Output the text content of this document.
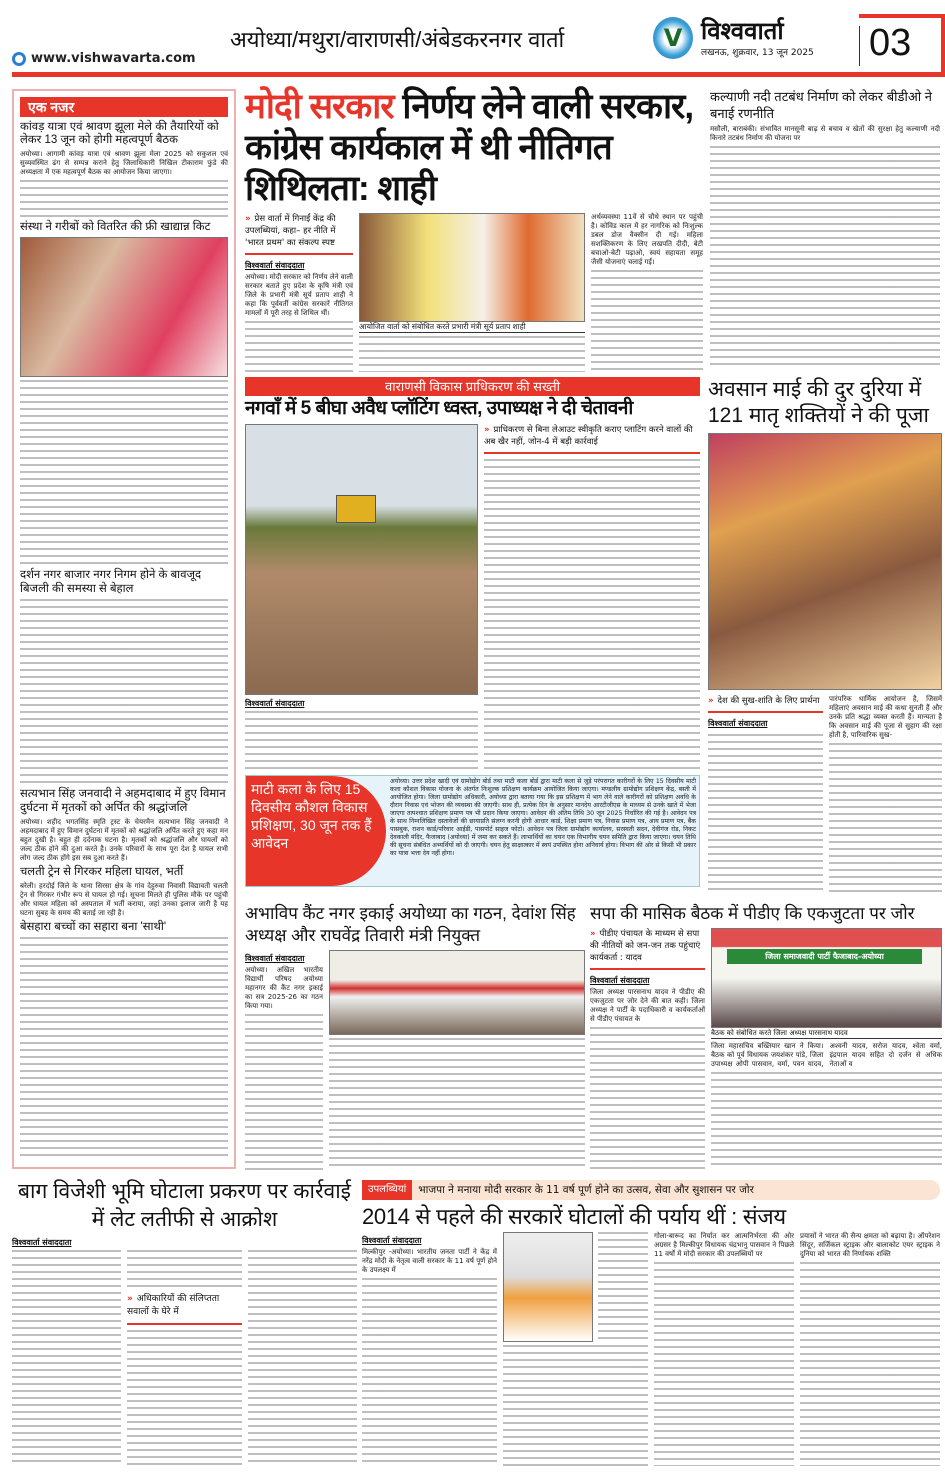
www.vishwavarta.com
अयोध्या/मथुरा/वाराणसी/अंबेडकरनगर वार्ता	V विश्ववार्ता
लखनऊ, शुक्रवार, 13 जून 2025	03
एक नजर
कांवड़ यात्रा एवं श्रावण झूला मेले की तैयारियों को लेकर 13 जून को होगी महत्वपूर्ण बैठक
अयोध्या। आगामी कांवड़ यात्रा एवं श्रावण झूला मेला 2025 को सकुशल एवं सुव्यवस्थित ढंग से सम्पन्न कराने हेतु जिलाधिकारी निखिल टीकाराम फुंडे की अध्यक्षता में एक महत्वपूर्ण बैठक का आयोजन किया जाएगा।
संस्था ने गरीबों को वितरित की फ्री खाद्यान्न किट
दर्शन नगर बाजार नगर निगम होने के बावजूद बिजली की समस्या से बेहाल
सत्यभान सिंह जनवादी ने अहमदाबाद में हुए विमान दुर्घटना में मृतकों को अर्पित की श्रद्धांजलि
अयोध्या। शहीद भगतसिंह स्मृति ट्रस्ट के चेयरमैन सत्यभान सिंह जनवादी ने अहमदाबाद में हुए विमान दुर्घटना में मृतकों को श्रद्धांजलि अर्पित करते हुए कहा मन बहुत दुखी है। बहुत ही दर्दनाक घटना है। मृतकों को श्रद्धांजलि और घायलों को जल्द ठीक होने की दुआ करते है। उनके परिवारों के साथ पूरा देश है घायल सभी लोग जल्द ठीक होंगे इस सब दुआ करते हैं।
चलती ट्रेन से गिरकर महिला घायल, भर्ती
बरेली। हरदोई जिले के थाना सिरसा क्षेत्र के गांव देहुरुवा निवासी विद्यावती चलती ट्रेन से गिरकर गंभीर रूप से घायल हो गई। सूचना मिलते ही पुलिस मौके पर पहुंची और घायल महिला को अस्पताल में भर्ती कराया, जहां उनका इलाज जारी है यह घटना सुबह के समय की बताई जा रही है।
बेसहारा बच्चों का सहारा बना 'साथी'
मोदी सरकार निर्णय लेने वाली सरकार, कांग्रेस कार्यकाल में थी नीतिगत शिथिलता: शाही
» प्रेस वार्ता में गिनाईं केंद्र की उपलब्धियां, कहा– हर नीति में 'भारत प्रथम' का संकल्प स्पष्ट
विश्ववार्ता संवाददाता
अयोध्या। मोदी सरकार को निर्णय लेने वाली सरकार बताते हुए प्रदेश के कृषि मंत्री एवं जिले के प्रभारी मंत्री सूर्य प्रताप शाही ने कहा कि पूर्ववर्ती कांग्रेस सरकारें नीतिगत मामलों में पूरी तरह से शिथिल थीं।
आयोजित वार्ता को संबोधित करते प्रभारी मंत्री सूर्य प्रताप शाही
अर्थव्यवस्था 11वें से चौथे स्थान पर पहुंची है। कोविड काल में हर नागरिक को निःशुल्क डबल डोज वैक्सीन दी गई। महिला सशक्तिकरण के लिए लखपति दीदी, बेटी बचाओ-बेटी पढ़ाओ, स्वयं सहायता समूह जैसी योजनाएं चलाई गईं।
कल्याणी नदी तटबंध निर्माण को लेकर बीडीओ ने बनाई रणनीति
मसौली, बाराबंकी। संभावित मानसूनी बाढ़ से बचाव व खेतों की सुरक्षा हेतु कल्याणी नदी किनारे तटबंध निर्माण की योजना पर
वाराणसी विकास प्राधिकरण की सख्ती
नगवाँ में 5 बीघा अवैध प्लॉटिंग ध्वस्त, उपाध्यक्ष ने दी चेतावनी
विश्ववार्ता संवाददाता
» प्राधिकरण से बिना लेआउट स्वीकृति कराए प्लाटिंग करने वालों की अब खैर नहीं, जोन-4 में बड़ी कार्रवाई
अवसान माई की दुर दुरिया में 121 मातृ शक्तियों ने की पूजा
» देश की सुख-शांति के लिए प्रार्थना
विश्ववार्ता संवाददाता
पारंपरिक धार्मिक आयोजन है, जिसमें महिलाएं अवसान माई की कथा सुनती हैं और उनके प्रति श्रद्धा व्यक्त करती हैं। मान्यता है कि अवसान माई की पूजा से सुहाग की रक्षा होती है, पारिवारिक सुख-
माटी कला के लिए 15 दिवसीय कौशल विकास प्रशिक्षण, 30 जून तक हैं आवेदन
अयोध्या। उत्तर प्रदेश खादी एवं ग्रामोद्योग बोर्ड तथा माटी कला बोर्ड द्वारा माटी कला से जुड़े परंपरागत कारीगरों के लिए 15 दिवसीय माटी कला कौशल विकास योजना के अंतर्गत निःशुल्क प्रशिक्षण कार्यक्रम आयोजित किया जाएगा। मण्डलीय ग्रामोद्योग प्रशिक्षण केंद्र, बस्ती में आयोजित होगा। जिला ग्रामोद्योग अधिकारी, अयोध्या द्वारा बताया गया कि इस प्रशिक्षण में भाग लेने वाले कारीगरों को प्रशिक्षण अवधि के दौरान निवास एवं भोजन की व्यवस्था की जाएगी। साथ ही, प्रत्येक दिन के अनुसार मानदेय आरटीजीएस के माध्यम से उनके खाते में भेजा जाएगा तत्पश्चात प्रशिक्षण प्रमाण पत्र भी प्रदान किया जाएगा। आवेदन की अंतिम तिथि 30 जून 2025 निर्धारित की गई है। आवेदन पत्र के साथ निम्नलिखित दस्तावेजों की छायाप्रति संलग्न करनी होगी आधार कार्ड, शिक्षा प्रमाण पत्र, निवास प्रमाण पत्र, आय प्रमाण पत्र, बैंक पासबुक, राशन कार्ड/परिवार आईडी, पासपोर्ट साइज फोटो। आवेदन पत्र जिला ग्रामोद्योग कार्यालय, सरस्वती सदन, देवीगंज रोड, निकट देवकाली मंदिर, फैजाबाद (अयोध्या) में जमा कर सकते हैं। लाभार्थियों का चयन एक विभागीय चयन समिति द्वारा किया जाएगा। चयन तिथि की सूचना संबंधित अभ्यर्थियों को दी जाएगी। चयन हेतु साक्षात्कार में स्वयं उपस्थित होना अनिवार्य होगा। विभाग की ओर से किसी भी प्रकार का यात्रा भत्ता देय नहीं होगा।
अभाविप कैंट नगर इकाई अयोध्या का गठन, देवांश सिंह अध्यक्ष और राघवेंद्र तिवारी मंत्री नियुक्त
विश्ववार्ता संवाददाता
अयोध्या। अखिल भारतीय विद्यार्थी परिषद अयोध्या महानगर की कैंट नगर इकाई का सत्र 2025-26 का गठन किया गया।
सपा की मासिक बैठक में पीडीए कि एकजुटता पर जोर
» पीडीए पंचायत के माध्यम से सपा की नीतियों को जन-जन तक पहुंचाएं कार्यकर्ता : यादव
विश्ववार्ता संवाददाता
जिला अध्यक्ष पारसनाथ यादव ने पीडीए की एकजुटता पर जोर देने की बात कही। जिला अध्यक्ष ने पार्टी के पदाधिकारी व कार्यकर्ताओं से पीडीए पंचायत के
जिला समाजवादी पार्टी फैजाबाद-अयोध्या
बैठक को संबोधित करते जिला अध्यक्ष पारसनाथ यादव
जिला महासचिव बख्तियार खान ने किया। बैठक को पूर्व विधायक जयशंकर पांडे, जिला उपाध्यक्ष ओपी पासवान, वर्मा, पवन यादव, अश्वनी यादव, सरोज यादव, श्वेता वर्मा, इंद्रपाल यादव सहित दो दर्जन से अधिक नेताओं व
बाग विजेशी भूमि घोटाला प्रकरण पर कार्रवाई में लेट लतीफी से आक्रोश
विश्ववार्ता संवाददाता
» अधिकारियों की संलिप्तता सवालों के घेरे में
उपलब्धियां	भाजपा ने मनाया मोदी सरकार के 11 वर्ष पूर्ण होने का उत्सव, सेवा और सुशासन पर जोर
2014 से पहले की सरकारें घोटालों की पर्याय थीं : संजय
विश्ववार्ता संवाददाता
मिल्कीपुर -अयोध्या। भारतीय जनता पार्टी ने केंद्र में नरेंद्र मोदी के नेतृत्व वाली सरकार के 11 वर्ष पूर्ण होने के उपलक्ष्य में
गोला-बारूद का निर्यात कर आत्मनिर्भरता की ओर अग्रसर है मिल्कीपुर विधायक चंद्रभानु पासवान ने पिछले 11 वर्षों में मोदी सरकार की उपलब्धियों पर
प्रयासों ने भारत की सैन्य क्षमता को बढ़ाया है। ऑपरेशन सिंदूर, सर्जिकल स्ट्राइक और बालाकोट एयर स्ट्राइक ने दुनिया को भारत की निर्णायक शक्ति
